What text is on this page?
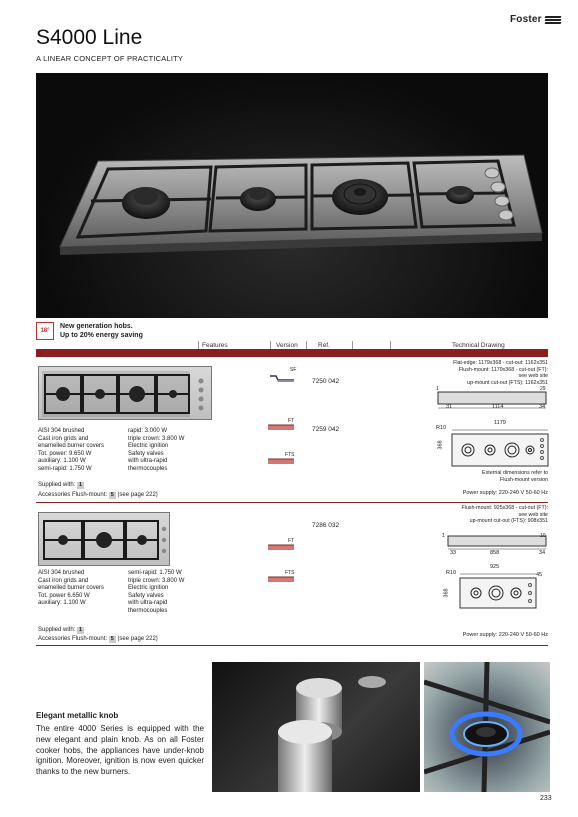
Foster
S4000 Line
A LINEAR CONCEPT OF PRACTICALITY
18°
New generation hobs.
Up to 20% energy saving
Features	Version	Ref.	Technical Drawing
SF
7250 042
FT
7259 042
FTS
Flat-edge: 1179x368 - cut-out: 1162x351
Flush-mount: 1179x368 - cut-out (FT):
see web site
up-mount cut-out (FTS): 1162x351
1	29
31	1114	34
1179
R10
368
External dimensions refer to
Flush-mount version
AISI 304 brushed
Cast iron grids and
enamelled burner covers
Tot. power: 9.650 W
auxiliary: 1.100 W
semi-rapid: 1.750 W
rapid: 3.000 W
triple crown: 3.800 W
Electric ignition
Safety valves
with ultra-rapid
thermocouples
Supplied with: 1
Accessories Flush-mount: 5 (see page 222)	Power supply: 220-240 V 50-60 Hz
FT
7286 032
FTS
Flush-mount: 925x368 - cut-out (FT):
see web site
up-mount cut-out (FTS): 908x351
1	10
33	858	34
925
R10	45
368
AISI 304 brushed
Cast iron grids and
enamelled burner covers
Tot. power 6.650 W
auxiliary: 1.100 W
semi-rapid: 1.750 W
triple crown: 3.800 W
Electric ignition
Safety valves
with ultra-rapid
thermocouples
Supplied with: 1
Accessories Flush-mount: 5 (see page 222)
Power supply: 220-240 V 50-60 Hz
Elegant metallic knob
The entire 4000 Series is equipped with the new elegant and plain knob. As on all Foster cooker hobs, the appliances have under-knob ignition. Moreover, ignition is now even quicker thanks to the new burners.
233
